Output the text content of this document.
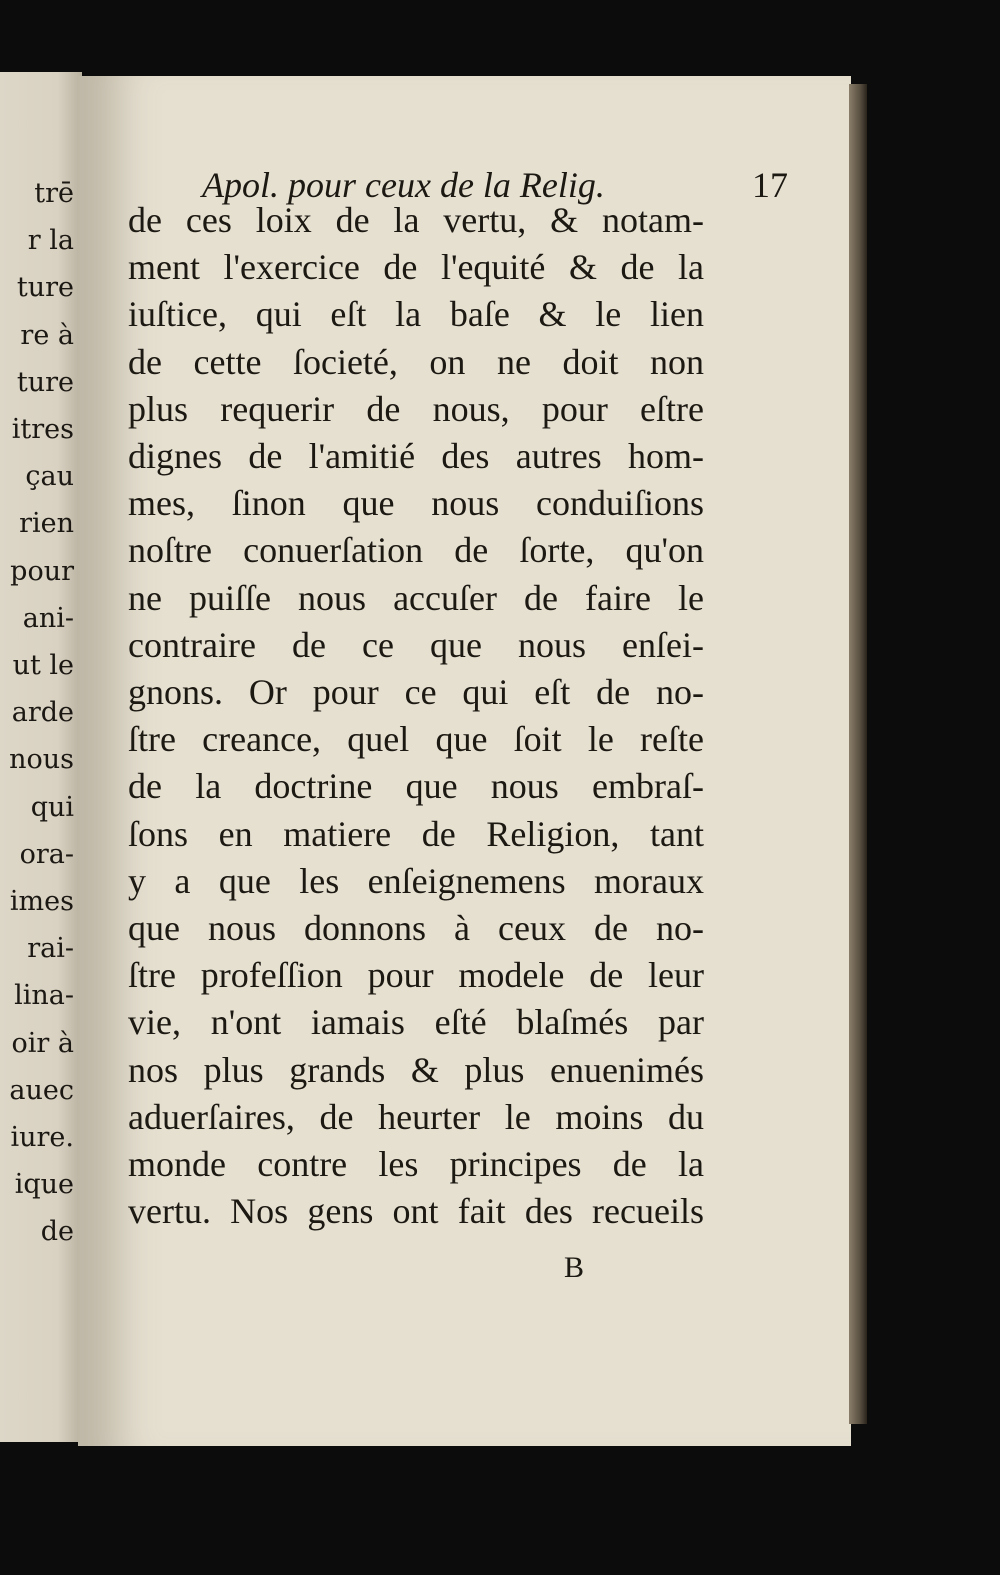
trē
r la
ture
re à
ture
itres
çau
rien
pour
ani-
ut le
arde
nous
qui
ora-
imes
rai-
lina-
oir à
auec
iure.
ique
de
Apol. pour ceux de la Relig.	17
de ces loix de la vertu, & notam-
ment l'exercice de l'equité & de la
iuſtice, qui eſt la baſe & le lien
de cette ſocieté, on ne doit non
plus requerir de nous, pour eſtre
dignes de l'amitié des autres hom-
mes, ſinon que nous conduiſions
noſtre conuerſation de ſorte, qu'on
ne puiſſe nous accuſer de faire le
contraire de ce que nous enſei-
gnons. Or pour ce qui eſt de no-
ſtre creance, quel que ſoit le reſte
de la doctrine que nous embraſ-
ſons en matiere de Religion, tant
y a que les enſeignemens moraux
que nous donnons à ceux de no-
ſtre profeſſion pour modele de leur
vie, n'ont iamais eſté blaſmés par
nos plus grands & plus enuenimés
aduerſaires, de heurter le moins du
monde contre les principes de la
vertu. Nos gens ont fait des recueils
B
